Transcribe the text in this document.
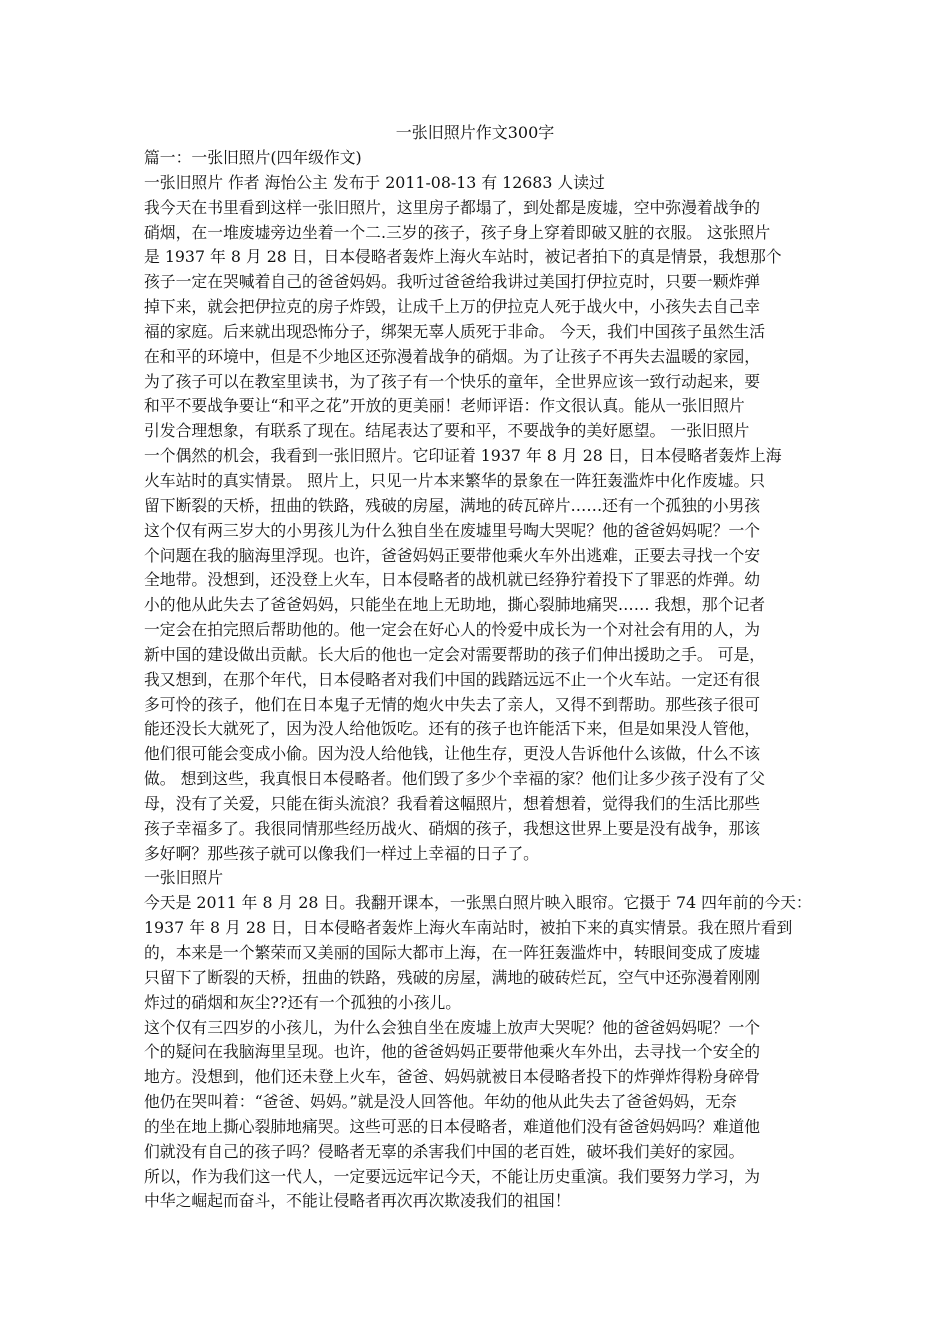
一张旧照片作文300字
篇一：一张旧照片(四年级作文)
一张旧照片 作者 海怡公主 发布于 2011-08-13 有 12683 人读过
我今天在书里看到这样一张旧照片，这里房子都塌了，到处都是废墟，空中弥漫着战争的
硝烟，在一堆废墟旁边坐着一个二.三岁的孩子，孩子身上穿着即破又脏的衣服。 这张照片
是 1937 年 8 月 28 日，日本侵略者轰炸上海火车站时，被记者拍下的真是情景，我想那个
孩子一定在哭喊着自己的爸爸妈妈。我听过爸爸给我讲过美国打伊拉克时，只要一颗炸弹
掉下来，就会把伊拉克的房子炸毁，让成千上万的伊拉克人死于战火中，小孩失去自己幸
福的家庭。后来就出现恐怖分子，绑架无辜人质死于非命。 今天，我们中国孩子虽然生活
在和平的环境中，但是不少地区还弥漫着战争的硝烟。为了让孩子不再失去温暖的家园，
为了孩子可以在教室里读书，为了孩子有一个快乐的童年，全世界应该一致行动起来，要
和平不要战争要让“和平之花”开放的更美丽！老师评语：作文很认真。能从一张旧照片
引发合理想象，有联系了现在。结尾表达了要和平，不要战争的美好愿望。 一张旧照片
一个偶然的机会，我看到一张旧照片。它印证着 1937 年 8 月 28 日，日本侵略者轰炸上海
火车站时的真实情景。 照片上，只见一片本来繁华的景象在一阵狂轰滥炸中化作废墟。只
留下断裂的天桥，扭曲的铁路，残破的房屋，满地的砖瓦碎片……还有一个孤独的小男孩
这个仅有两三岁大的小男孩儿为什么独自坐在废墟里号啕大哭呢？他的爸爸妈妈呢？一个
个问题在我的脑海里浮现。也许，爸爸妈妈正要带他乘火车外出逃难，正要去寻找一个安
全地带。没想到，还没登上火车，日本侵略者的战机就已经狰狞着投下了罪恶的炸弹。幼
小的他从此失去了爸爸妈妈，只能坐在地上无助地，撕心裂肺地痛哭…… 我想，那个记者
一定会在拍完照后帮助他的。他一定会在好心人的怜爱中成长为一个对社会有用的人，为
新中国的建设做出贡献。长大后的他也一定会对需要帮助的孩子们伸出援助之手。 可是，
我又想到，在那个年代，日本侵略者对我们中国的践踏远远不止一个火车站。一定还有很
多可怜的孩子，他们在日本鬼子无情的炮火中失去了亲人，又得不到帮助。那些孩子很可
能还没长大就死了，因为没人给他饭吃。还有的孩子也许能活下来，但是如果没人管他，
他们很可能会变成小偷。因为没人给他钱，让他生存，更没人告诉他什么该做，什么不该
做。 想到这些，我真恨日本侵略者。他们毁了多少个幸福的家？他们让多少孩子没有了父
母，没有了关爱，只能在街头流浪？我看着这幅照片，想着想着，觉得我们的生活比那些
孩子幸福多了。我很同情那些经历战火、硝烟的孩子，我想这世界上要是没有战争，那该
多好啊？那些孩子就可以像我们一样过上幸福的日子了。
一张旧照片
今天是 2011 年 8 月 28 日。我翻开课本，一张黑白照片映入眼帘。它摄于 74 四年前的今天：
1937 年 8 月 28 日，日本侵略者轰炸上海火车南站时，被拍下来的真实情景。我在照片看到
的，本来是一个繁荣而又美丽的国际大都市上海，在一阵狂轰滥炸中，转眼间变成了废墟
只留下了断裂的天桥，扭曲的铁路，残破的房屋，满地的破砖烂瓦，空气中还弥漫着刚刚
炸过的硝烟和灰尘??还有一个孤独的小孩儿。
这个仅有三四岁的小孩儿，为什么会独自坐在废墟上放声大哭呢？他的爸爸妈妈呢？一个
个的疑问在我脑海里呈现。也许，他的爸爸妈妈正要带他乘火车外出，去寻找一个安全的
地方。没想到，他们还未登上火车，爸爸、妈妈就被日本侵略者投下的炸弹炸得粉身碎骨
他仍在哭叫着：“爸爸、妈妈。”就是没人回答他。年幼的他从此失去了爸爸妈妈，无奈
的坐在地上撕心裂肺地痛哭。这些可恶的日本侵略者，难道他们没有爸爸妈妈吗？难道他
们就没有自己的孩子吗？侵略者无辜的杀害我们中国的老百姓，破坏我们美好的家园。
所以，作为我们这一代人，一定要远远牢记今天，不能让历史重演。我们要努力学习，为
中华之崛起而奋斗，不能让侵略者再次再次欺凌我们的祖国！
